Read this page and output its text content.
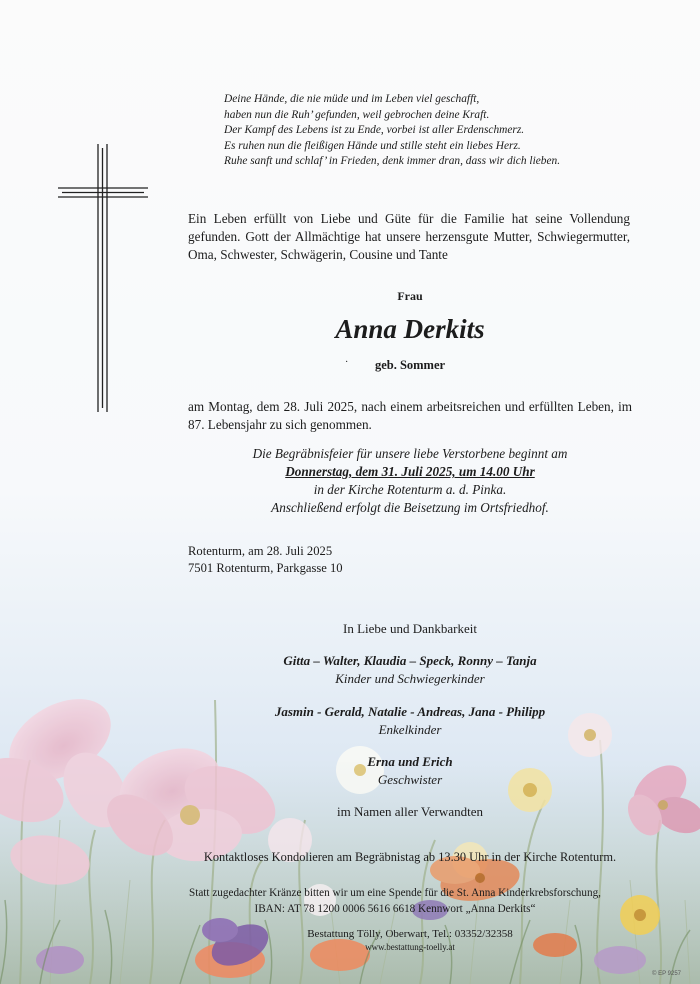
Deine Hände, die nie müde und im Leben viel geschafft,
haben nun die Ruh’ gefunden, weil gebrochen deine Kraft.
Der Kampf des Lebens ist zu Ende, vorbei ist aller Erdenschmerz.
Es ruhen nun die fleißigen Hände und stille steht ein liebes Herz.
Ruhe sanft und schlaf’ in Frieden, denk immer dran, dass wir dich lieben.
Ein Leben erfüllt von Liebe und Güte für die Familie hat seine Vollendung gefunden. Gott der Allmächtige hat unsere herzensgute Mutter, Schwiegermutter, Oma, Schwester, Schwägerin, Cousine und Tante
Frau
Anna Derkits
·	geb. Sommer
am Montag, dem 28. Juli 2025, nach einem arbeitsreichen und erfüllten Leben, im 87. Lebensjahr zu sich genommen.
Die Begräbnisfeier für unsere liebe Verstorbene beginnt am
Donnerstag, dem 31. Juli 2025, um 14.00 Uhr
in der Kirche Rotenturm a. d. Pinka.
Anschließend erfolgt die Beisetzung im Ortsfriedhof.
Rotenturm, am 28. Juli 2025
7501 Rotenturm, Parkgasse 10
In Liebe und Dankbarkeit
Gitta – Walter, Klaudia – Speck, Ronny – Tanja
Kinder und Schwiegerkinder
Jasmin - Gerald, Natalie - Andreas, Jana - Philipp
Enkelkinder
Erna und Erich
Geschwister
im Namen aller Verwandten
Kontaktloses Kondolieren am Begräbnistag ab 13.30 Uhr in der Kirche Rotenturm.
Statt zugedachter Kränze bitten wir um eine Spende für die St. Anna Kinderkrebsforschung,
IBAN: AT 78 1200 0006 5616 6618 Kennwort „Anna Derkits“
Bestattung Tölly, Oberwart, Tel.: 03352/32358
www.bestattung-toelly.at
© EP 9257
